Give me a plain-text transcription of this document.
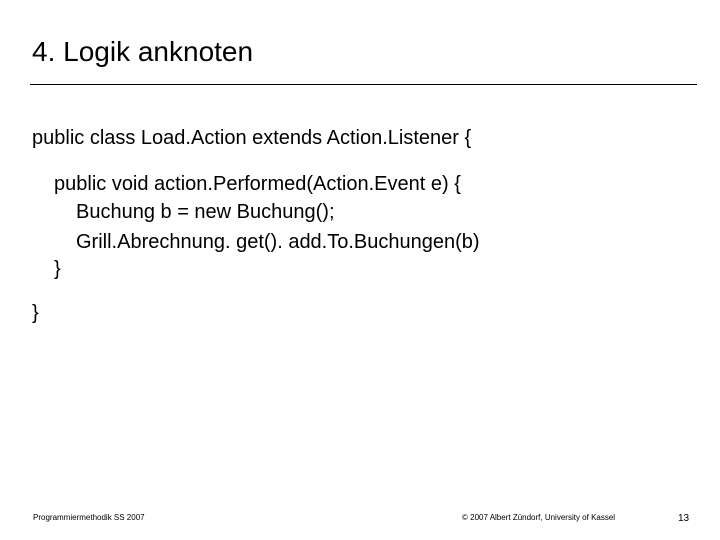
4. Logik anknoten
public class Load.Action extends Action.Listener {
public void action.Performed(Action.Event e) {
Buchung b = new Buchung();
Grill.Abrechnung. get(). add.To.Buchungen(b)
}
}
Programmiermethodik SS 2007	© 2007 Albert Zündorf, University of Kassel	13
